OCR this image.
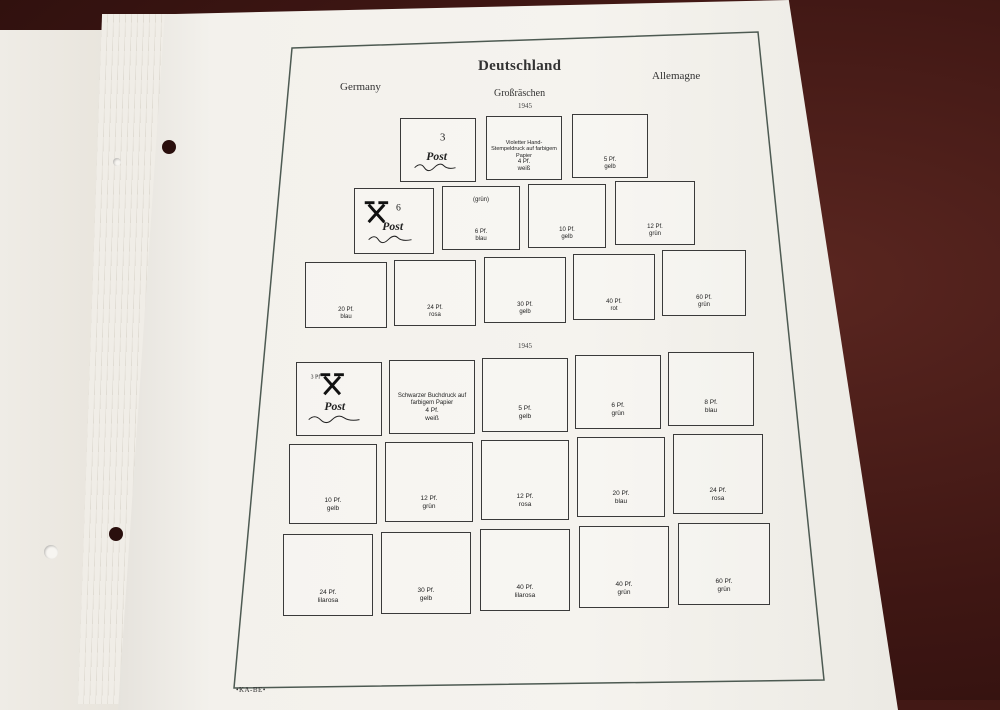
Deutschland
Germany
Allemagne
Großräschen
1945
1945
3
Post
Violetter Hand-Stempeldruck auf farbigem Papier
4 Pf.
weiß
5 Pf.
gelb
6
Post
(grün)
6 Pf.
blau
10 Pf.
gelb
12 Pf.
grün
20 Pf.
blau
24 Pf.
rosa
30 Pf.
gelb
40 Pf.
rot
60 Pf.
grün
3 Pf
Post
Schwarzer Buchdruck auf farbigem Papier
4 Pf.
weiß
5 Pf.
gelb
6 Pf.
grün
8 Pf.
blau
10 Pf.
gelb
12 Pf.
grün
12 Pf.
rosa
20 Pf.
blau
24 Pf.
rosa
24 Pf.
lilarosa
30 Pf.
gelb
40 Pf.
lilarosa
40 Pf.
grün
60 Pf.
grün
•KA-BE•
